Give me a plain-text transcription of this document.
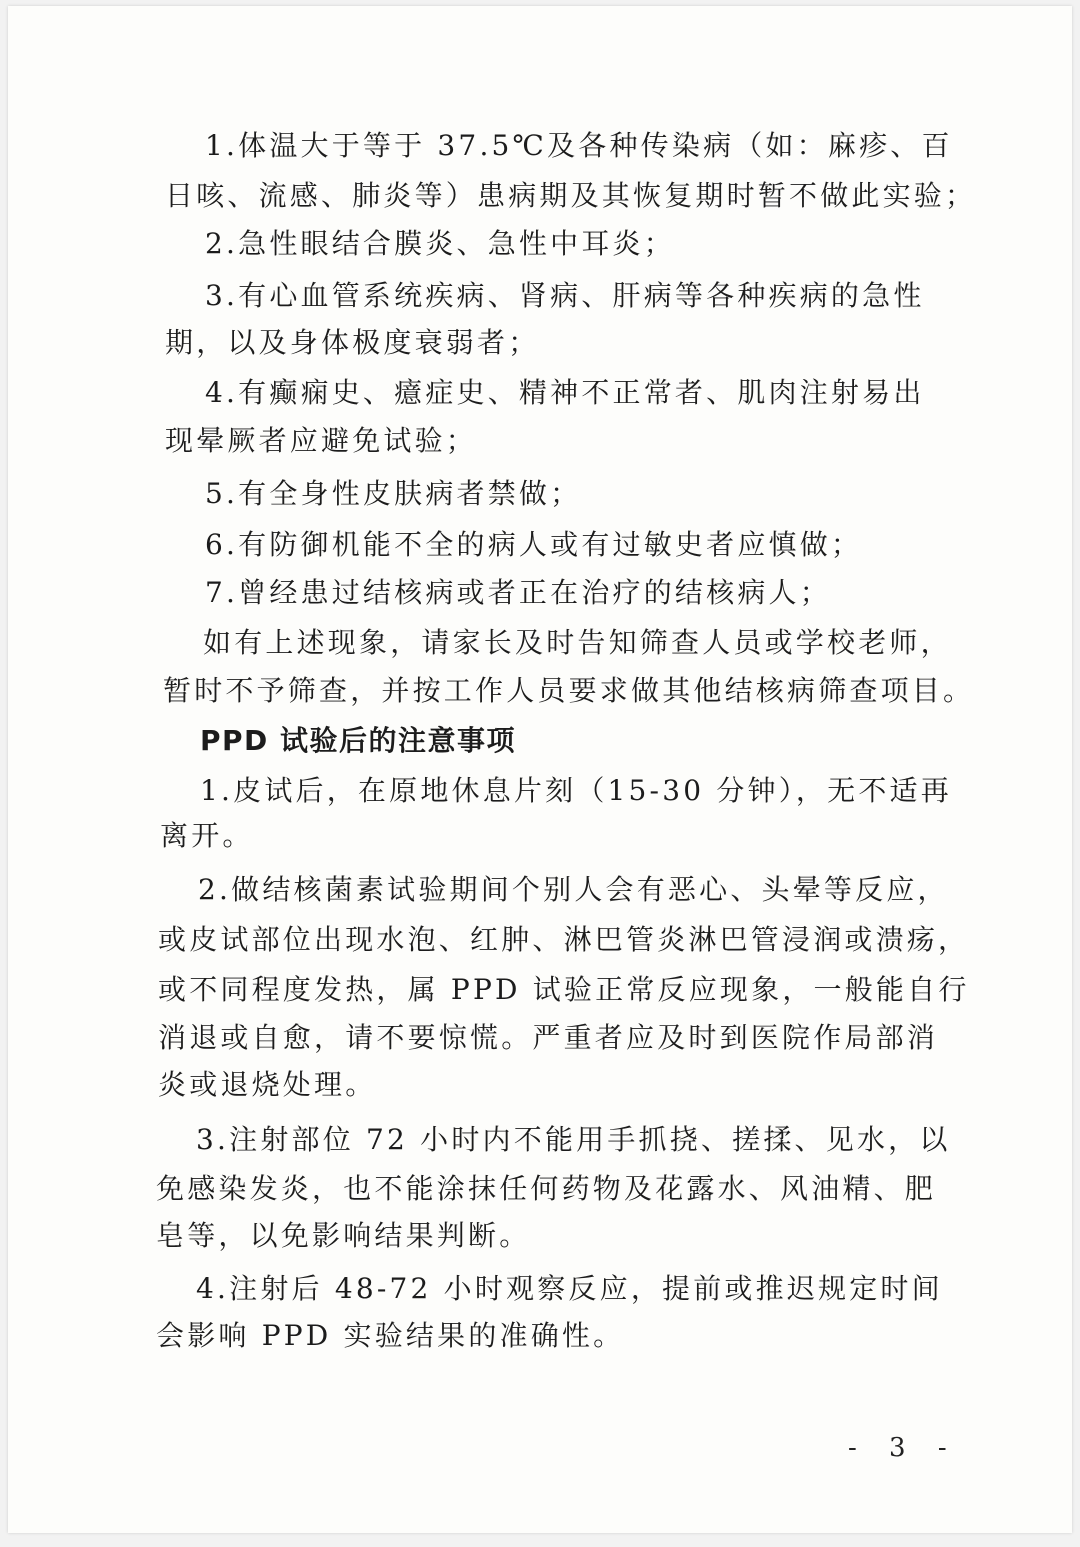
1.体温大于等于 37.5℃及各种传染病（如：麻疹、百
日咳、流感、肺炎等）患病期及其恢复期时暂不做此实验；
2.急性眼结合膜炎、急性中耳炎；
3.有心血管系统疾病、肾病、肝病等各种疾病的急性
期，以及身体极度衰弱者；
4.有癫痫史、癔症史、精神不正常者、肌肉注射易出
现晕厥者应避免试验；
5.有全身性皮肤病者禁做；
6.有防御机能不全的病人或有过敏史者应慎做；
7.曾经患过结核病或者正在治疗的结核病人；
如有上述现象，请家长及时告知筛查人员或学校老师，
暂时不予筛查，并按工作人员要求做其他结核病筛查项目。
PPD 试验后的注意事项
1.皮试后，在原地休息片刻（15-30 分钟），无不适再
离开。
2.做结核菌素试验期间个别人会有恶心、头晕等反应，
或皮试部位出现水泡、红肿、淋巴管炎淋巴管浸润或溃疡，
或不同程度发热，属 PPD 试验正常反应现象，一般能自行
消退或自愈，请不要惊慌。严重者应及时到医院作局部消
炎或退烧处理。
3.注射部位 72 小时内不能用手抓挠、搓揉、见水，以
免感染发炎，也不能涂抹任何药物及花露水、风油精、肥
皂等，以免影响结果判断。
4.注射后 48-72 小时观察反应，提前或推迟规定时间
会影响 PPD 实验结果的准确性。
- 3 -
